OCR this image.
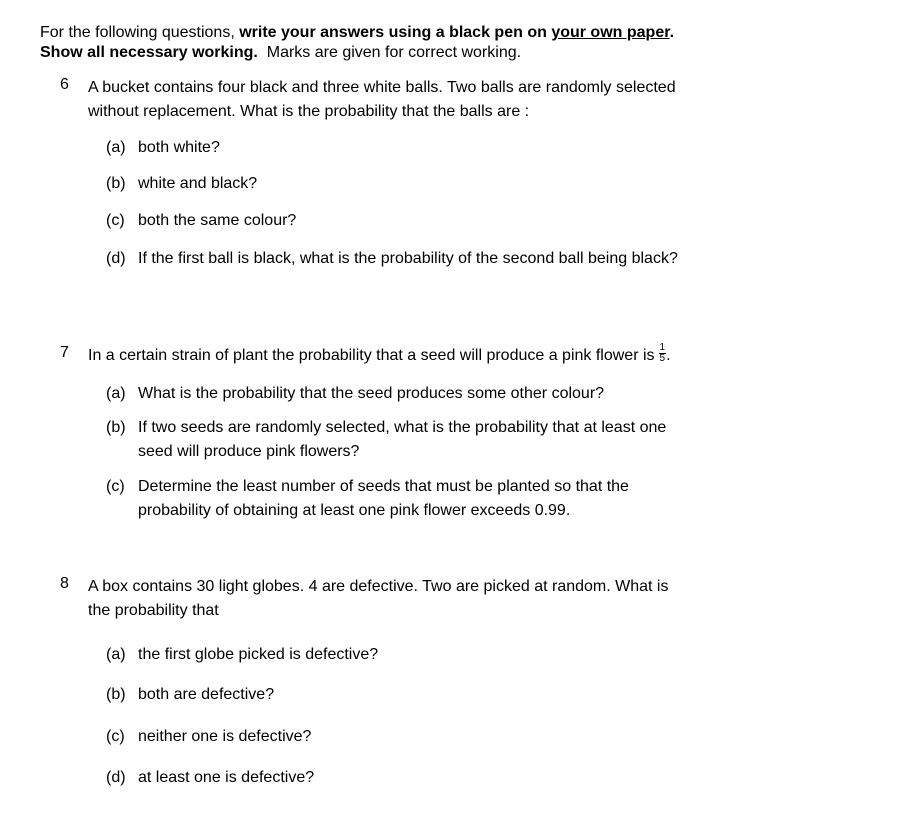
For the following questions, write your answers using a black pen on your own paper.
Show all necessary working.  Marks are given for correct working.
6	A bucket contains four black and three white balls. Two balls are randomly selected
without replacement. What is the probability that the balls are :
(a) both white?
(b) white and black?
(c) both the same colour?
(d) If the first ball is black, what is the probability of the second ball being black?
7	In a certain strain of plant the probability that a seed will produce a pink flower is $\frac{1}{5}$ .
(a) What is the probability that the seed produces some other colour?
(b) If two seeds are randomly selected, what is the probability that at least one
seed will produce pink flowers?
(c) Determine the least number of seeds that must be planted so that the
probability of obtaining at least one pink flower exceeds 0.99.
8	A box contains 30 light globes. 4 are defective. Two are picked at random. What is
the probability that
(a) the first globe picked is defective?
(b) both are defective?
(c) neither one is defective?
(d) at least one is defective?
